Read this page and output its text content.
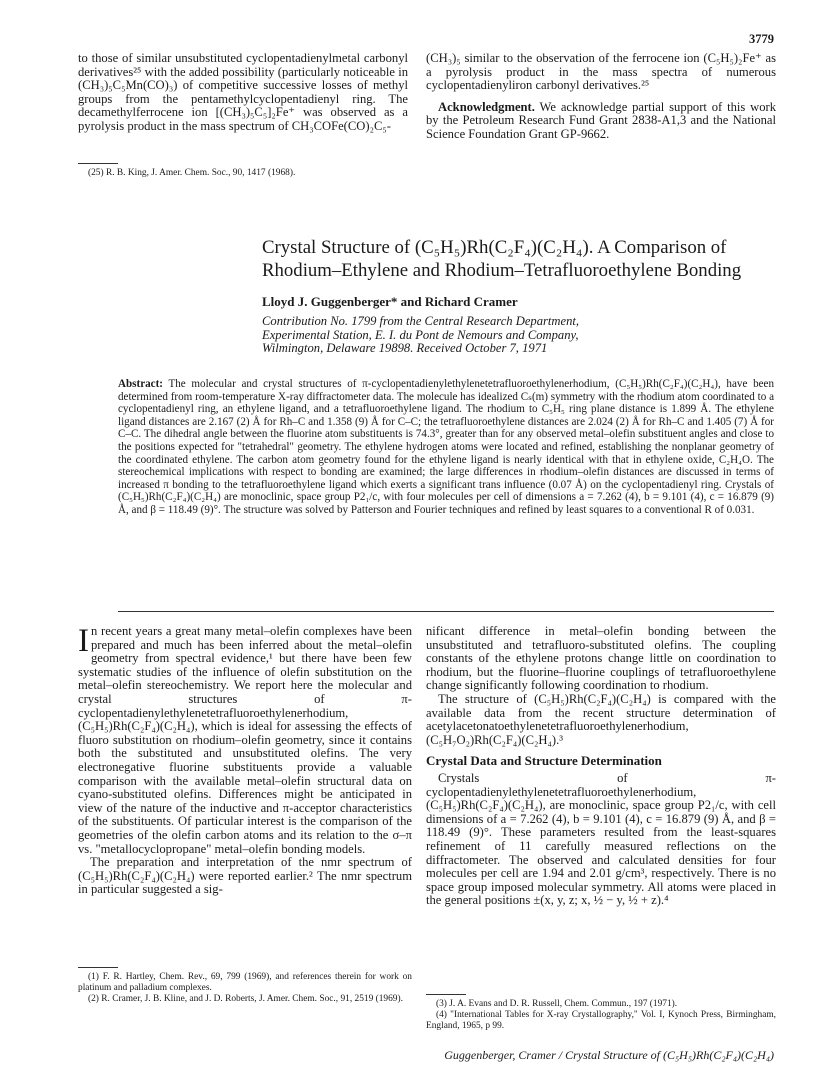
3779

to those of similar unsubstituted cyclopentadienylmetal carbonyl derivatives²⁵ with the added possibility (particularly noticeable in (CH₃)₅C₅Mn(CO)₃) of competitive successive losses of methyl groups from the pentamethylcyclopentadienyl ring. The decamethylferrocene ion [(CH₃)₅C₅]₂Fe⁺ was observed as a pyrolysis product in the mass spectrum of CH₃COFe(CO)₂C₅-

(25) R. B. King, J. Amer. Chem. Soc., 90, 1417 (1968).

(CH₃)₅ similar to the observation of the ferrocene ion (C₅H₅)₂Fe⁺ as a pyrolysis product in the mass spectra of numerous cyclopentadienyliron carbonyl derivatives.²⁵

Acknowledgment. We acknowledge partial support of this work by the Petroleum Research Fund Grant 2838-A1,3 and the National Science Foundation Grant GP-9662.

Crystal Structure of (C₅H₅)Rh(C₂F₄)(C₂H₄). A Comparison of
Rhodium–Ethylene and Rhodium–Tetrafluoroethylene Bonding
Lloyd J. Guggenberger* and Richard Cramer
Contribution No. 1799 from the Central Research Department,
Experimental Station, E. I. du Pont de Nemours and Company,
Wilmington, Delaware 19898. Received October 7, 1971
Abstract: The molecular and crystal structures of π-cyclopentadienylethylenetetrafluoroethylenerhodium, (C₅H₅)Rh(C₂F₄)(C₂H₄), have been determined from room-temperature X-ray diffractometer data. The molecule has idealized Cₛ(m) symmetry with the rhodium atom coordinated to a cyclopentadienyl ring, an ethylene ligand, and a tetrafluoroethylene ligand. The rhodium to C₅H₅ ring plane distance is 1.899 Å. The ethylene ligand distances are 2.167 (2) Å for Rh–C and 1.358 (9) Å for C–C; the tetrafluoroethylene distances are 2.024 (2) Å for Rh–C and 1.405 (7) Å for C–C. The dihedral angle between the fluorine atom substituents is 74.3°, greater than for any observed metal–olefin substituent angles and close to the positions expected for "tetrahedral" geometry. The ethylene hydrogen atoms were located and refined, establishing the nonplanar geometry of the coordinated ethylene. The carbon atom geometry found for the ethylene ligand is nearly identical with that in ethylene oxide, C₂H₄O. The stereochemical implications with respect to bonding are examined; the large differences in rhodium–olefin distances are discussed in terms of increased π bonding to the tetrafluoroethylene ligand which exerts a significant trans influence (0.07 Å) on the cyclopentadienyl ring. Crystals of (C₅H₅)Rh(C₂F₄)(C₂H₄) are monoclinic, space group P2₁/c, with four molecules per cell of dimensions a = 7.262 (4), b = 9.101 (4), c = 16.879 (9) Å, and β = 118.49 (9)°. The structure was solved by Patterson and Fourier techniques and refined by least squares to a conventional R of 0.031.

In recent years a great many metal–olefin complexes have been prepared and much has been inferred about the metal–olefin geometry from spectral evidence,¹ but there have been few systematic studies of the influence of olefin substitution on the metal–olefin stereochemistry. We report here the molecular and crystal structures of π-cyclopentadienylethylenetetrafluoroethylenerhodium, (C₅H₅)Rh(C₂F₄)(C₂H₄), which is ideal for assessing the effects of fluoro substitution on rhodium–olefin geometry, since it contains both the substituted and unsubstituted olefins. The very electronegative fluorine substituents provide a valuable comparison with the available metal–olefin structural data on cyano-substituted olefins. Differences might be anticipated in view of the nature of the inductive and π-acceptor characteristics of the substituents. Of particular interest is the comparison of the geometries of the olefin carbon atoms and its relation to the σ–π vs. "metallocyclopropane" metal–olefin bonding models.

The preparation and interpretation of the nmr spectrum of (C₅H₅)Rh(C₂F₄)(C₂H₄) were reported earlier.² The nmr spectrum in particular suggested a sig-

(1) F. R. Hartley, Chem. Rev., 69, 799 (1969), and references therein for work on platinum and palladium complexes.

(2) R. Cramer, J. B. Kline, and J. D. Roberts, J. Amer. Chem. Soc., 91, 2519 (1969).

nificant difference in metal–olefin bonding between the unsubstituted and tetrafluoro-substituted olefins. The coupling constants of the ethylene protons change little on coordination to rhodium, but the fluorine–fluorine couplings of tetrafluoroethylene change significantly following coordination to rhodium.

The structure of (C₅H₅)Rh(C₂F₄)(C₂H₄) is compared with the available data from the recent structure determination of acetylacetonatoethylenetetrafluoroethylenerhodium, (C₅H₇O₂)Rh(C₂F₄)(C₂H₄).³

Crystal Data and Structure Determination

Crystals of π-cyclopentadienylethylenetetrafluoroethylenerhodium, (C₅H₅)Rh(C₂F₄)(C₂H₄), are monoclinic, space group P2₁/c, with cell dimensions of a = 7.262 (4), b = 9.101 (4), c = 16.879 (9) Å, and β = 118.49 (9)°. These parameters resulted from the least-squares refinement of 11 carefully measured reflections on the diffractometer. The observed and calculated densities for four molecules per cell are 1.94 and 2.01 g/cm³, respectively. There is no space group imposed molecular symmetry. All atoms were placed in the general positions ±(x, y, z; x, ½ − y, ½ + z).⁴

(3) J. A. Evans and D. R. Russell, Chem. Commun., 197 (1971).

(4) "International Tables for X-ray Crystallography," Vol. I, Kynoch Press, Birmingham, England, 1965, p 99.

Guggenberger, Cramer / Crystal Structure of (C₅H₅)Rh(C₂F₄)(C₂H₄)
